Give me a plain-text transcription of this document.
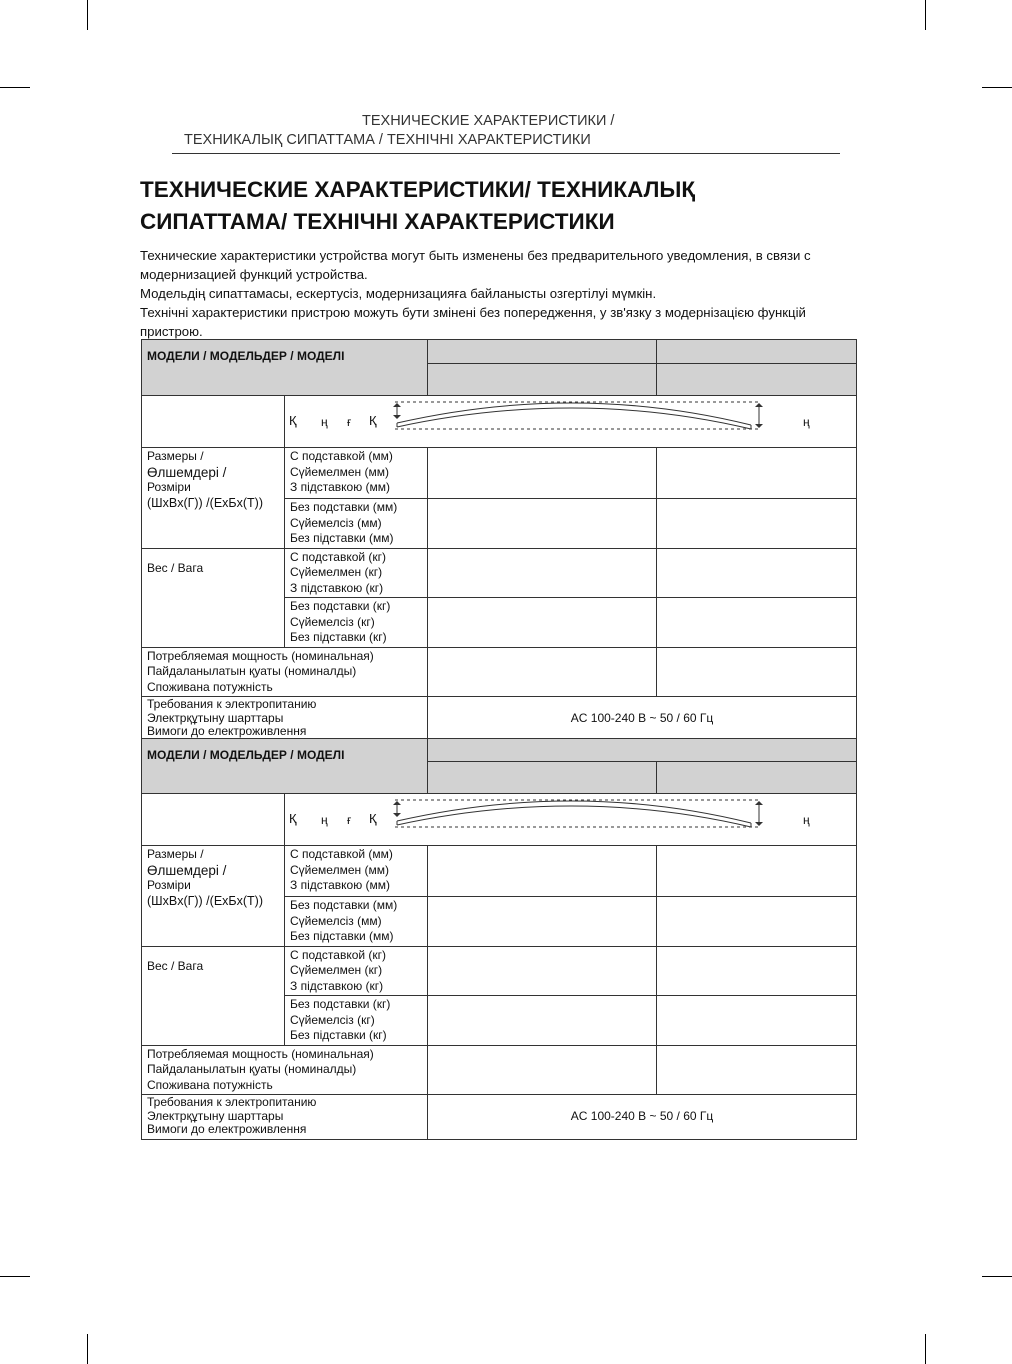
ТЕХНИЧЕСКИЕ ХАРАКТЕРИСТИКИ /
ТЕХНИКАЛЫҚ СИПАТТАМА / ТЕХНІЧНІ ХАРАКТЕРИСТИКИ
ТЕХНИЧЕСКИЕ ХАРАКТЕРИСТИКИ/ ТЕХНИКАЛЫҚ
СИПАТТАМА/ ТЕХНІЧНІ ХАРАКТЕРИСТИКИ

Технические характеристики устройства могут быть изменены без предварительного уведомления, в связи с модернизацией функций устройства.

Модельдің сипаттамасы, ескертусіз, модернизацияға байланысты озгертілуі мүмкін.

Технічні характеристики пристрою можуть бути змінені без попередження, у зв'язку з модернізацією функцій пристрою.

МОДЕЛИ / МОДЕЛЬДЕР / МОДЕЛІ			

	Қ ң ғ Қ ң		

Размеры /
Өлшемдері /
Розміри
(ШxВx(Г)) /(ЕxБx(Т))	С подставкой (мм)
Сүйемелмен (мм)
З підставкою (мм)		

	Без подставки (мм)
Сүйемелсіз (мм)
Без підставки (мм)		

Вес / Вага	С подставкой (кг)
Сүйемелмен (кг)
З підставкою (кг)		

	Без подставки (кг)
Сүйемелсіз (кг)
Без підставки (кг)		

Потребляемая мощность (номинальная)
Пайдаланылатын қуаты (номиналды)
Споживана потужність			

Требования к электропитанию
Электрқұтыну шарттары
Вимоги до електроживлення		AC 100-240 В ~ 50 / 60 Гц	
МОДЕЛИ / МОДЕЛЬДЕР / МОДЕЛІ			

	Қ ң ғ Қ ң		

Размеры /
Өлшемдері /
Розміри
(ШxВx(Г)) /(ЕxБx(Т))	С подставкой (мм)
Сүйемелмен (мм)
З підставкою (мм)		

	Без подставки (мм)
Сүйемелсіз (мм)
Без підставки (мм)		

Вес / Вага	С подставкой (кг)
Сүйемелмен (кг)
З підставкою (кг)		

	Без подставки (кг)
Сүйемелсіз (кг)
Без підставки (кг)		

Потребляемая мощность (номинальная)
Пайдаланылатын қуаты (номиналды)
Споживана потужність			

Требования к электропитанию
Электрқұтыну шарттары
Вимоги до електроживлення		AC 100-240 В ~ 50 / 60 Гц	
